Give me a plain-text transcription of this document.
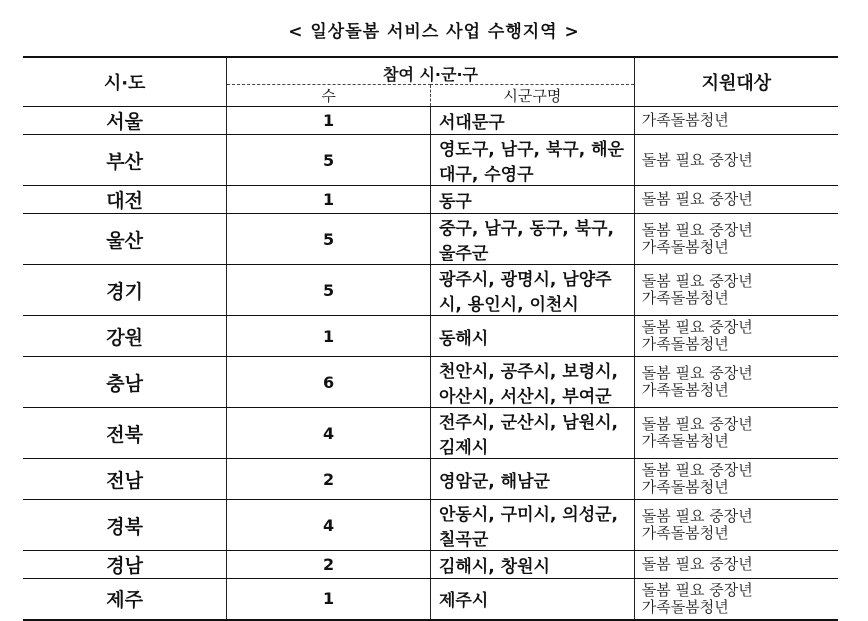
< 일상돌봄 서비스 사업 수행지역 >
시·도	참여 시·군·구		지원대상
	수	시군구명	
서울	1	서대문구	가족돌봄청년

부산	5	영도구, 남구, 북구, 해운대구, 수영구	돌봄 필요 중장년

대전	1	동구	돌봄 필요 중장년

울산	5	중구, 남구, 동구, 북구, 울주군	돌봄 필요 중장년
가족돌봄청년

경기	5	광주시, 광명시, 남양주시, 용인시, 이천시	돌봄 필요 중장년
가족돌봄청년

강원	1	동해시	돌봄 필요 중장년
가족돌봄청년

충남	6	천안시, 공주시, 보령시, 아산시, 서산시, 부여군	돌봄 필요 중장년
가족돌봄청년

전북	4	전주시, 군산시, 남원시, 김제시	돌봄 필요 중장년
가족돌봄청년

전남	2	영암군, 해남군	돌봄 필요 중장년
가족돌봄청년

경북	4	안동시, 구미시, 의성군, 칠곡군	돌봄 필요 중장년
가족돌봄청년

경남	2	김해시, 창원시	돌봄 필요 중장년

제주	1	제주시	돌봄 필요 중장년
가족돌봄청년
